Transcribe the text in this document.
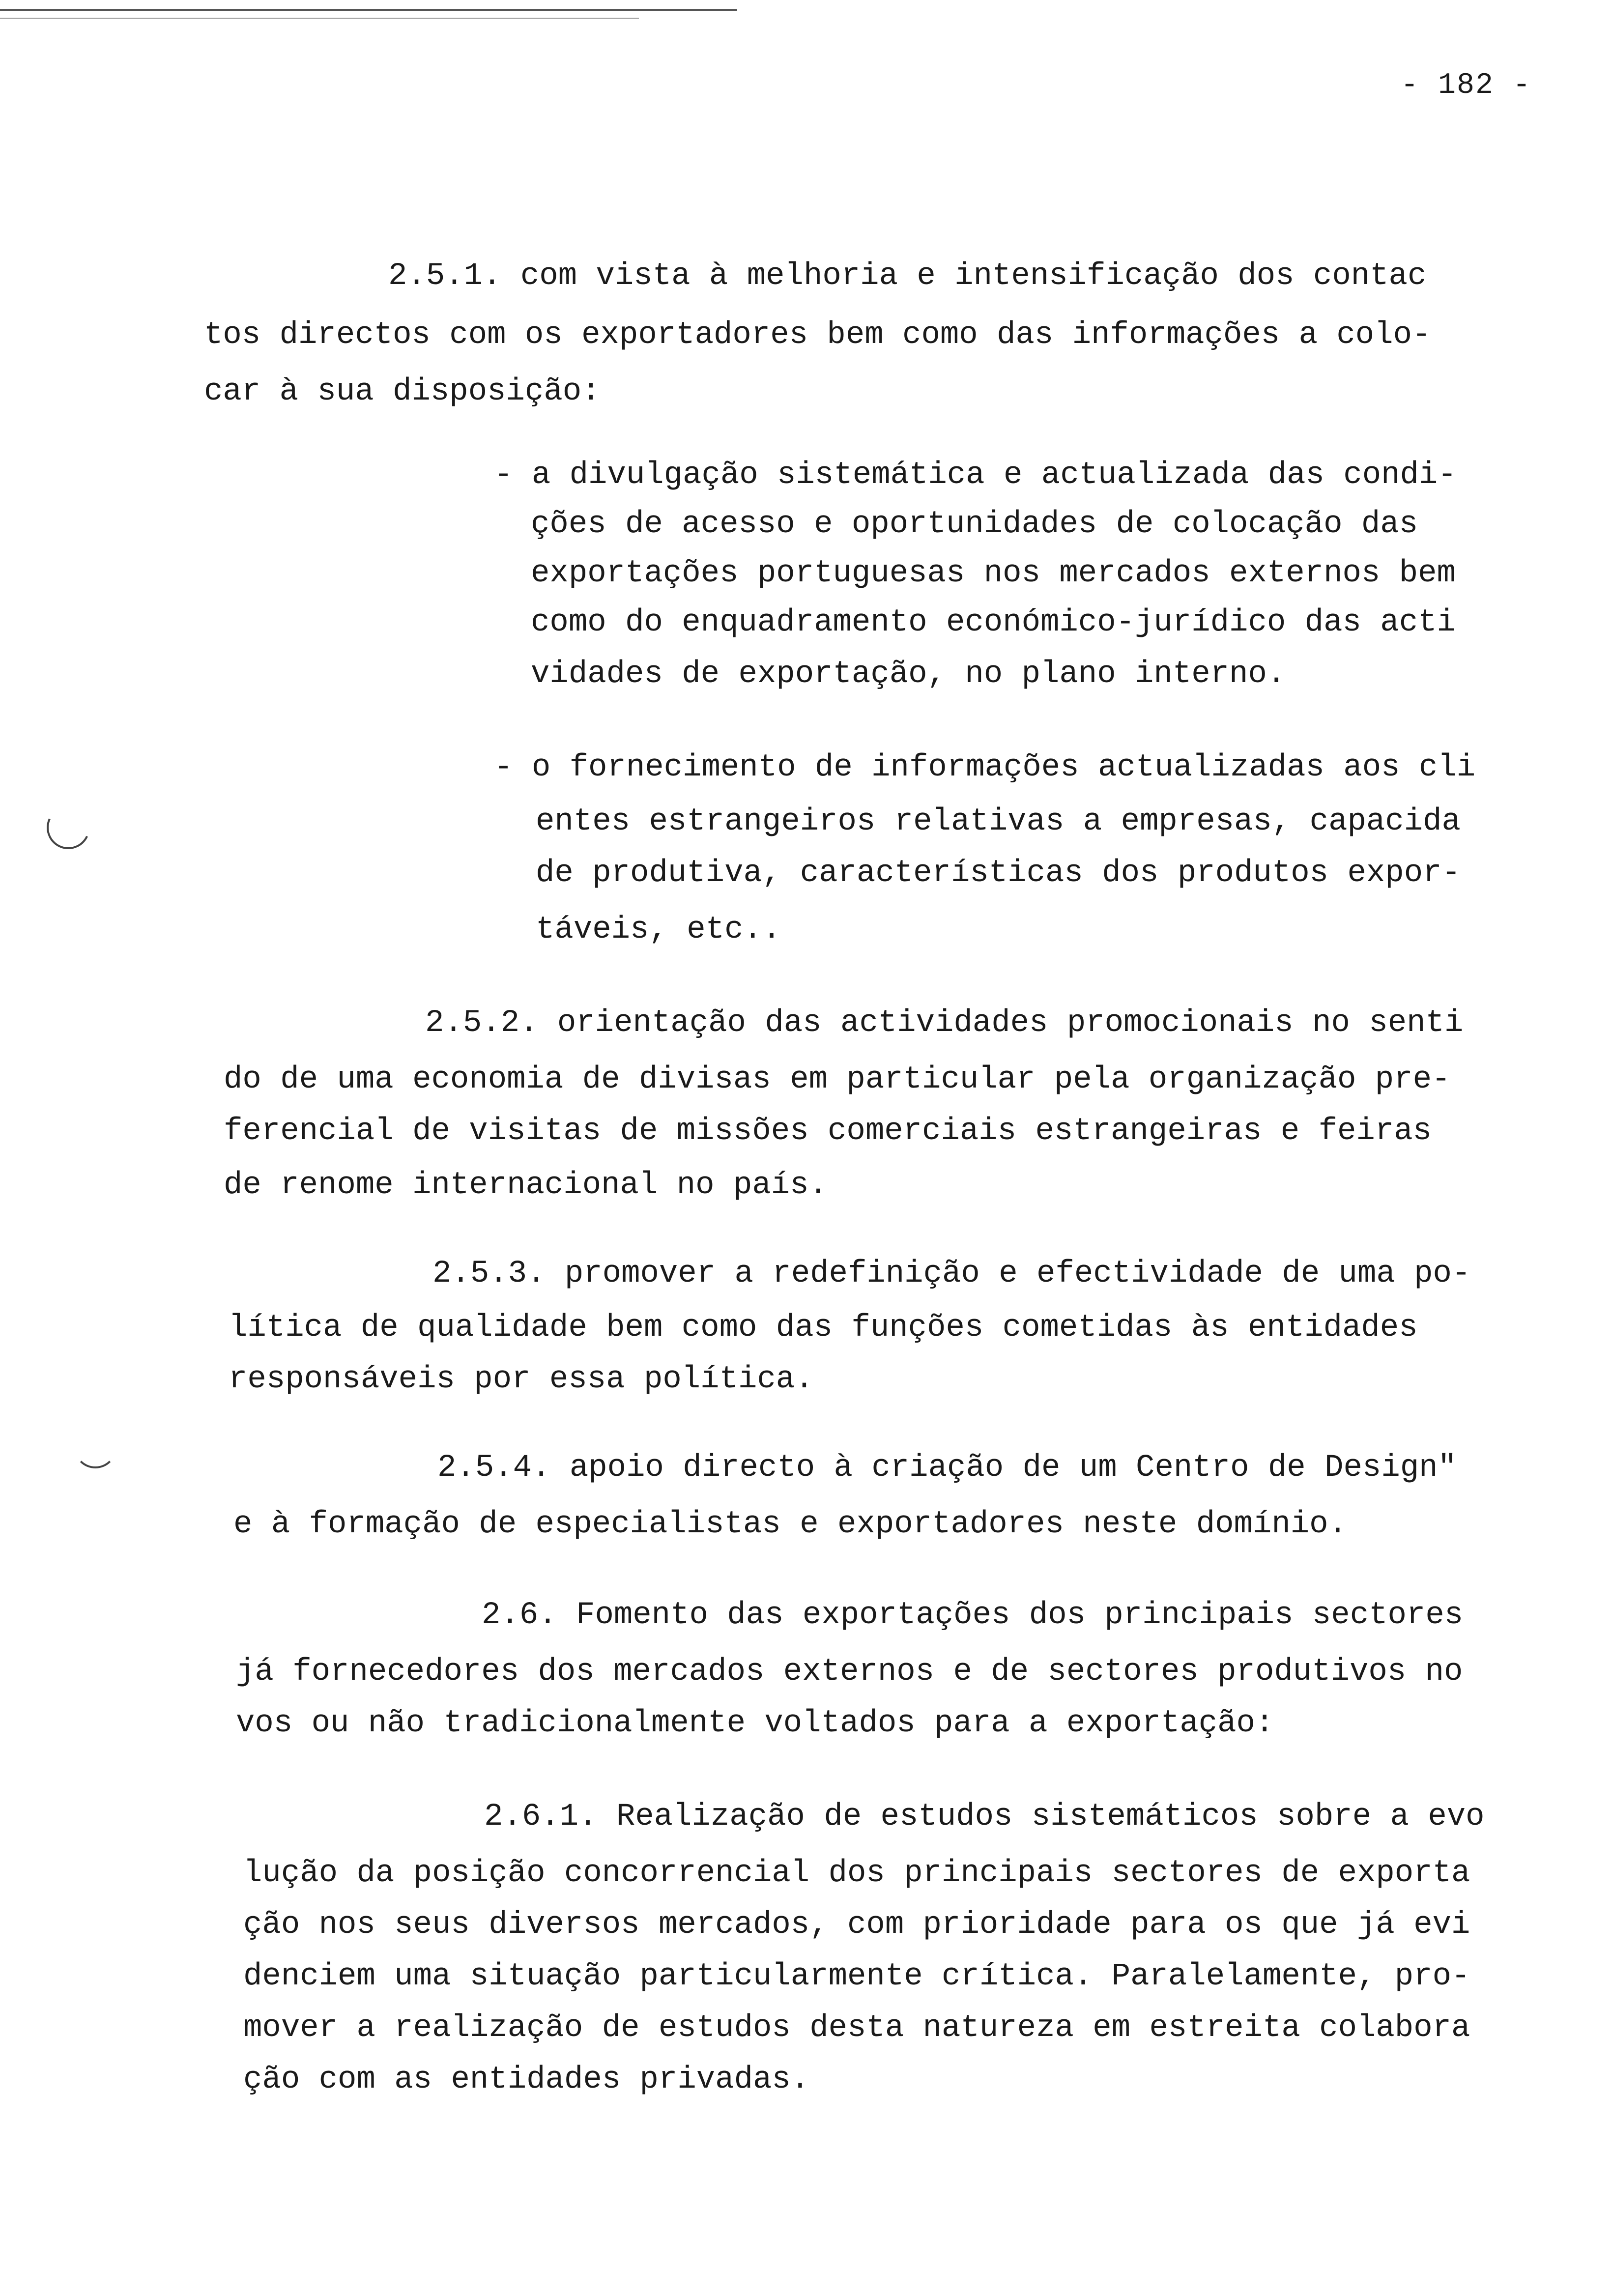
- 182 -
2.5.1. com vista à melhoria e intensificação dos contac
tos directos com os exportadores bem como das informações a colo-
car à sua disposição:
- a divulgação sistemática e actualizada das condi-
ções de acesso e oportunidades de colocação das
exportações portuguesas nos mercados externos bem
como do enquadramento económico-jurídico das acti
vidades de exportação, no plano interno.
- o fornecimento de informações actualizadas aos cli
entes estrangeiros relativas a empresas, capacida
de produtiva, características dos produtos expor-
táveis, etc..
2.5.2. orientação das actividades promocionais no senti
do de uma economia de divisas em particular pela organização pre-
ferencial de visitas de missões comerciais estrangeiras e feiras
de renome internacional no país.
2.5.3. promover a redefinição e efectividade de uma po-
lítica de qualidade bem como das funções cometidas às entidades
responsáveis por essa política.
2.5.4. apoio directo à criação de um Centro de Design"
e à formação de especialistas e exportadores neste domínio.
2.6. Fomento das exportações dos principais sectores
já fornecedores dos mercados externos e de sectores produtivos no
vos ou não tradicionalmente voltados para a exportação:
2.6.1. Realização de estudos sistemáticos sobre a evo
lução da posição concorrencial dos principais sectores de exporta
ção nos seus diversos mercados, com prioridade para os que já evi
denciem uma situação particularmente crítica. Paralelamente, pro-
mover a realização de estudos desta natureza em estreita colabora
ção com as entidades privadas.
